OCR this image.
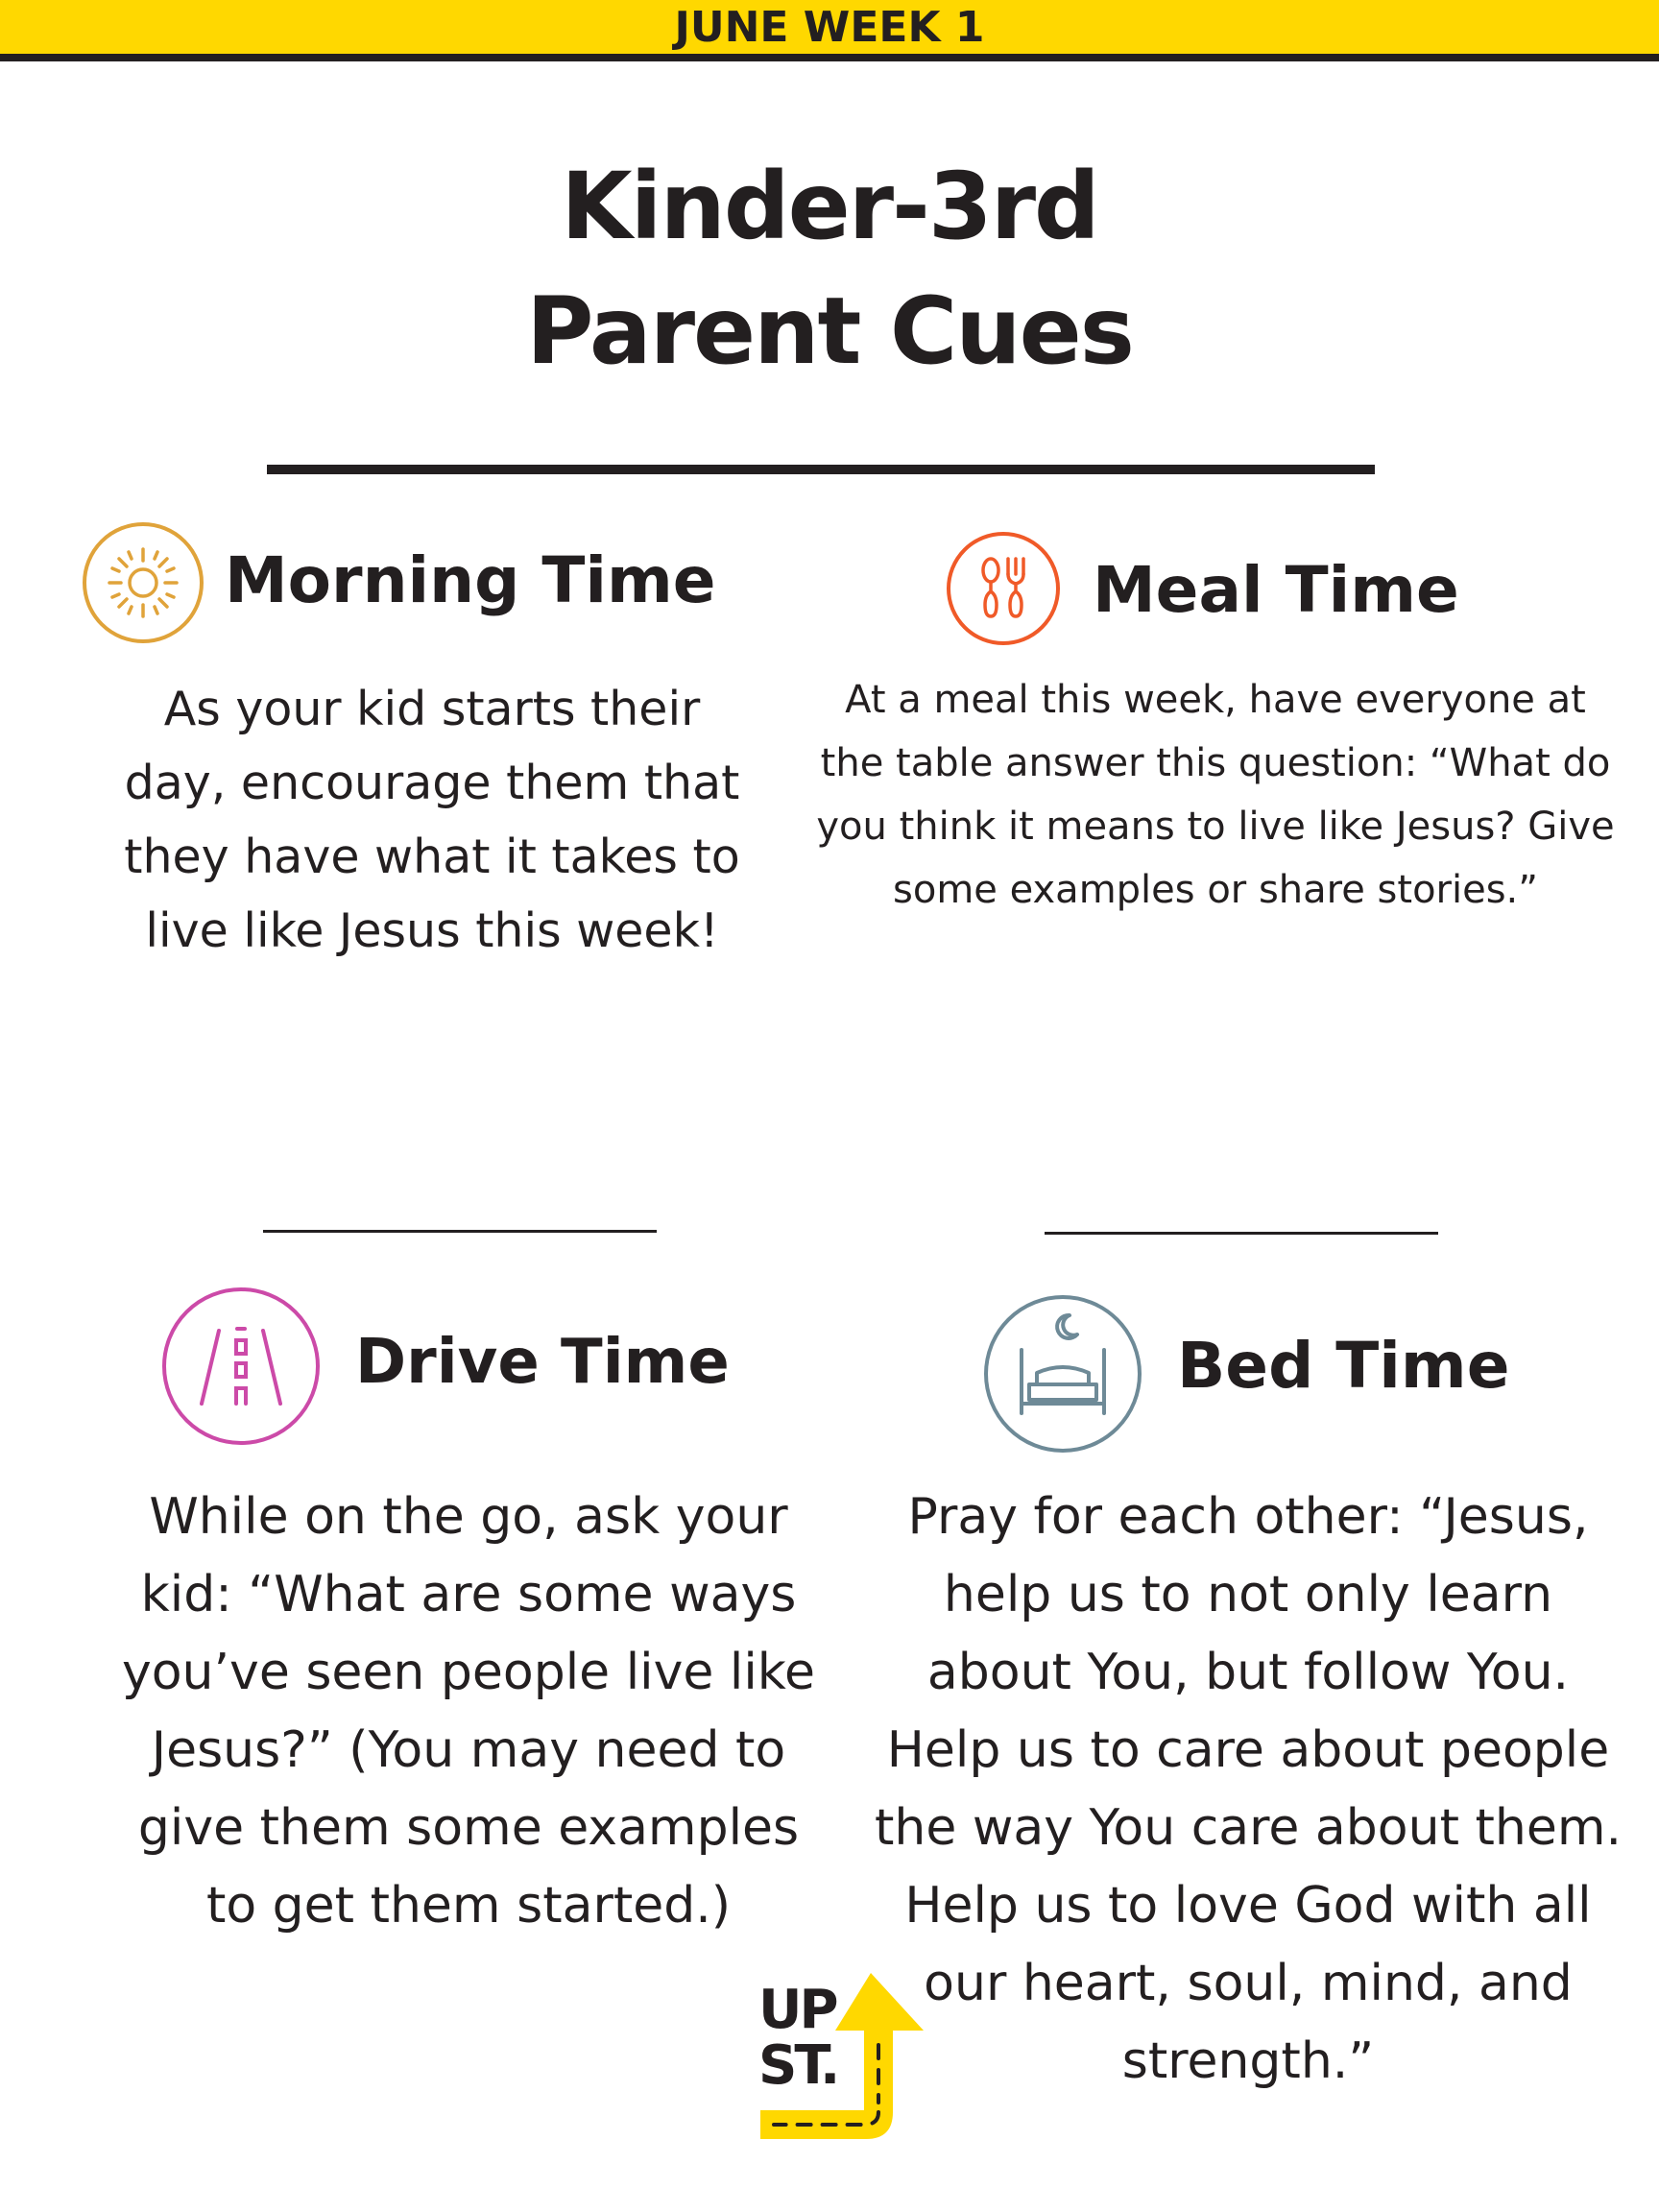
JUNE WEEK 1
Kinder-3rd
Parent Cues
Morning Time
As your kid starts their day, encourage them that they have what it takes to live like Jesus this week!
Meal Time
At a meal this week, have everyone at the table answer this question: “What do you think it means to live like Jesus? Give some examples or share stories.”
Drive Time
While on the go, ask your kid: “What are some ways you’ve seen people live like Jesus?” (You may need to give them some examples to get them started.)
Bed Time
Pray for each other: “Jesus, help us to not only learn about You, but follow You. Help us to care about people the way You care about them. Help us to love God with all our heart, soul, mind, and strength.”
UP
ST.
